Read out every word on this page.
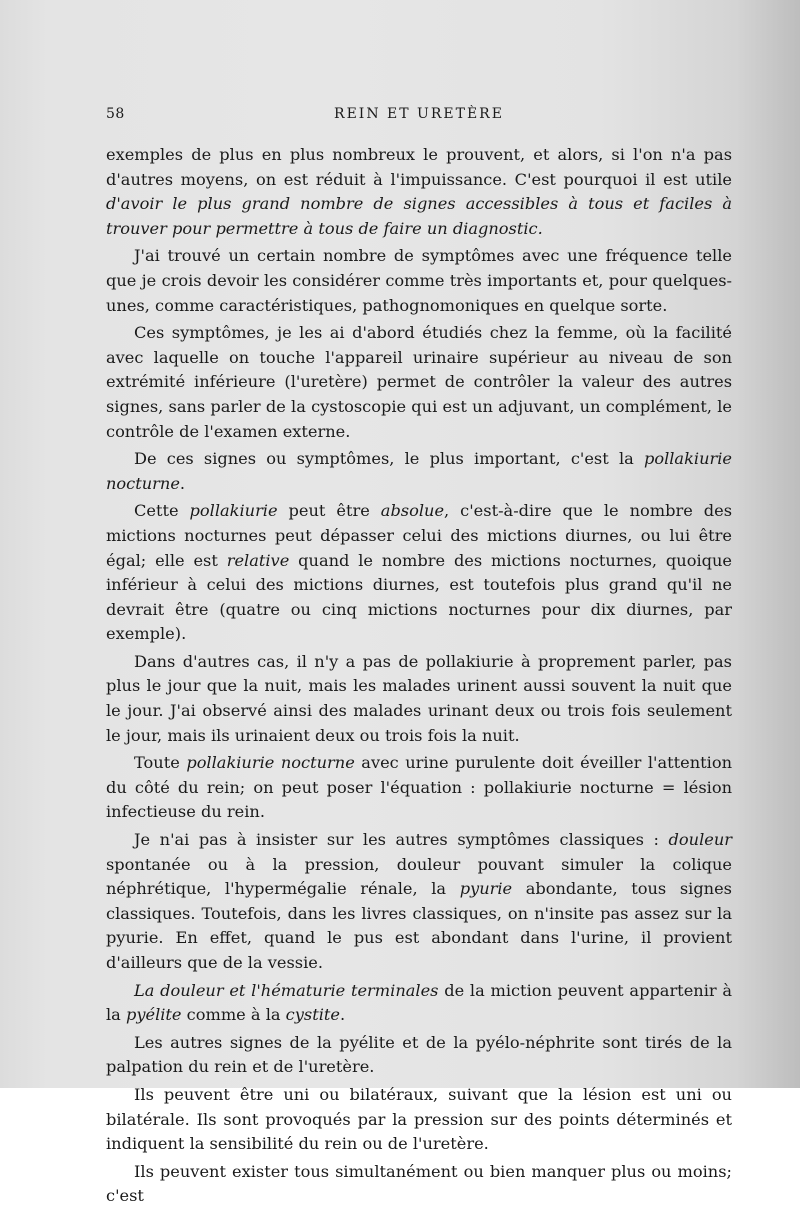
58	REIN ET URETÈRE

exemples de plus en plus nombreux le prouvent, et alors, si l'on n'a pas d'autres moyens, on est réduit à l'impuissance. C'est pourquoi il est utile d'avoir le plus grand nombre de signes accessibles à tous et faciles à trouver pour permettre à tous de faire un diagnostic.

J'ai trouvé un certain nombre de symptômes avec une fréquence telle que je crois devoir les considérer comme très importants et, pour quelques-unes, comme caractéristiques, pathognomoniques en quelque sorte.

Ces symptômes, je les ai d'abord étudiés chez la femme, où la facilité avec laquelle on touche l'appareil urinaire supérieur au niveau de son extrémité inférieure (l'uretère) permet de contrôler la valeur des autres signes, sans parler de la cystoscopie qui est un adjuvant, un complément, le contrôle de l'examen externe.

De ces signes ou symptômes, le plus important, c'est la pollakiurie nocturne.

Cette pollakiurie peut être absolue, c'est-à-dire que le nombre des mictions nocturnes peut dépasser celui des mictions diurnes, ou lui être égal; elle est relative quand le nombre des mictions nocturnes, quoique inférieur à celui des mictions diurnes, est toutefois plus grand qu'il ne devrait être (quatre ou cinq mictions nocturnes pour dix diurnes, par exemple).

Dans d'autres cas, il n'y a pas de pollakiurie à proprement parler, pas plus le jour que la nuit, mais les malades urinent aussi souvent la nuit que le jour. J'ai observé ainsi des malades urinant deux ou trois fois seulement le jour, mais ils urinaient deux ou trois fois la nuit.

Toute pollakiurie nocturne avec urine purulente doit éveiller l'attention du côté du rein; on peut poser l'équation : pollakiurie nocturne = lésion infectieuse du rein.

Je n'ai pas à insister sur les autres symptômes classiques : douleur spontanée ou à la pression, douleur pouvant simuler la colique néphrétique, l'hypermégalie rénale, la pyurie abondante, tous signes classiques. Toutefois, dans les livres classiques, on n'insite pas assez sur la pyurie. En effet, quand le pus est abondant dans l'urine, il provient d'ailleurs que de la vessie.

La douleur et l'hématurie terminales de la miction peuvent appartenir à la pyélite comme à la cystite.

Les autres signes de la pyélite et de la pyélo-néphrite sont tirés de la palpation du rein et de l'uretère.

Ils peuvent être uni ou bilatéraux, suivant que la lésion est uni ou bilatérale. Ils sont provoqués par la pression sur des points déterminés et indiquent la sensibilité du rein ou de l'uretère.

Ils peuvent exister tous simultanément ou bien manquer plus ou moins; c'est
